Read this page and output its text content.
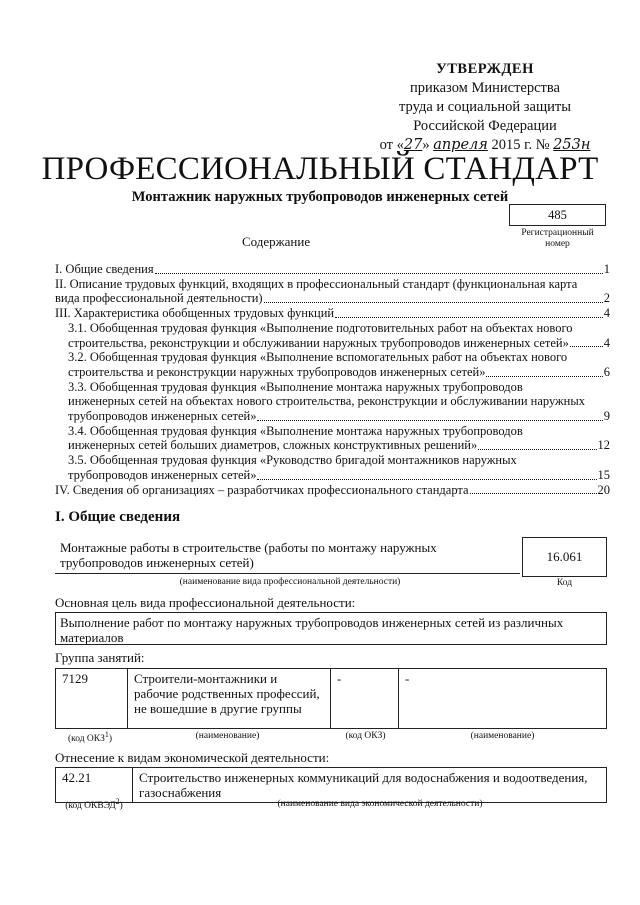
УТВЕРЖДЕН
приказом Министерства
труда и социальной защиты
Российской Федерации
от «27» апреля 2015 г. № 253н
ПРОФЕССИОНАЛЬНЫЙ СТАНДАРТ
Монтажник наружных трубопроводов инженерных сетей
485
Регистрационный номер
Содержание
I. Общие сведения	1
II. Описание трудовых функций, входящих в профессиональный стандарт (функциональная карта
вида профессиональной деятельности)	2
III. Характеристика обобщенных трудовых функций	4
3.1. Обобщенная трудовая функция «Выполнение подготовительных работ на объектах нового
строительства, реконструкции и обслуживании наружных трубопроводов инженерных сетей»	4
3.2. Обобщенная трудовая функция «Выполнение вспомогательных работ на объектах нового
строительства и реконструкции наружных трубопроводов инженерных сетей»	6
3.3. Обобщенная трудовая функция «Выполнение монтажа наружных трубопроводов
инженерных сетей на объектах нового строительства, реконструкции и обслуживании наружных
трубопроводов инженерных сетей»	9
3.4. Обобщенная трудовая функция «Выполнение монтажа наружных трубопроводов
инженерных сетей больших диаметров, сложных конструктивных решений»	12
3.5. Обобщенная трудовая функция «Руководство бригадой монтажников наружных
трубопроводов инженерных сетей»	15
IV. Сведения об организациях – разработчиках профессионального стандарта	20
I. Общие сведения
Монтажные работы в строительстве (работы по монтажу наружных трубопроводов инженерных сетей)	16.061
(наименование вида профессиональной деятельности)	Код
Основная цель вида профессиональной деятельности:
Выполнение работ по монтажу наружных трубопроводов инженерных сетей из различных материалов
Группа занятий:
7129	Строители-монтажники и рабочие родственных профессий, не вошедшие в другие группы	-	-
(код ОКЗ$^1$)	(наименование)	(код ОКЗ)	(наименование)
Отнесение к видам экономической деятельности:
42.21	Строительство инженерных коммуникаций для водоснабжения и водоотведения, газоснабжения
(код ОКВЭД$^2$)	(наименование вида экономической деятельности)
